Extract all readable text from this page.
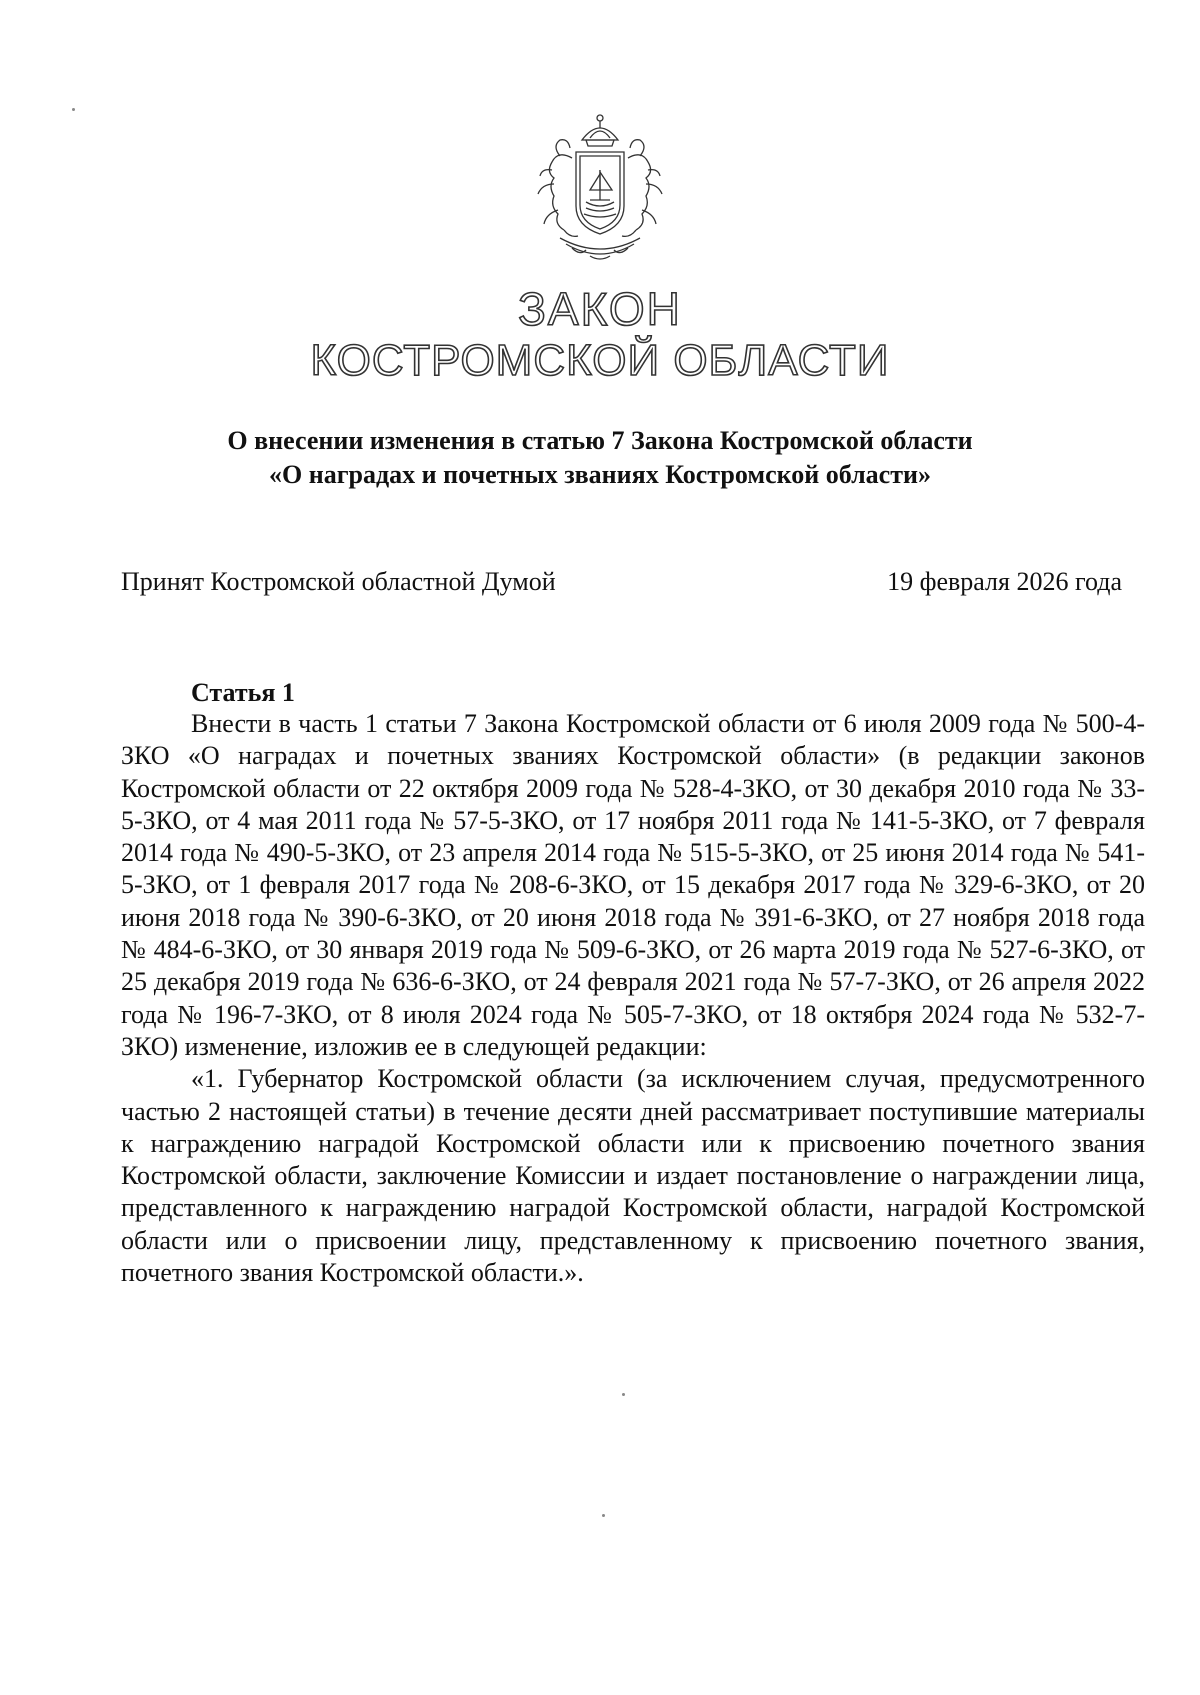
ЗАКОН
КОСТРОМСКОЙ ОБЛАСТИ
О внесении изменения в статью 7 Закона Костромской области
«О наградах и почетных званиях Костромской области»
Принят Костромской областной Думой	19 февраля 2026 года
Статья 1

Внести в часть 1 статьи 7 Закона Костромской области от 6 июля 2009 года № 500-4-ЗКО «О наградах и почетных званиях Костромской области» (в редакции законов Костромской области от 22 октября 2009 года № 528-4-ЗКО, от 30 декабря 2010 года № 33-5-ЗКО, от 4 мая 2011 года № 57-5-ЗКО, от 17 ноября 2011 года № 141-5-ЗКО, от 7 февраля 2014 года № 490-5-ЗКО, от 23 апреля 2014 года № 515-5-ЗКО, от 25 июня 2014 года № 541-5-ЗКО, от 1 февраля 2017 года № 208-6-ЗКО, от 15 декабря 2017 года № 329-6-ЗКО, от 20 июня 2018 года № 390-6-ЗКО, от 20 июня 2018 года № 391-6-ЗКО, от 27 ноября 2018 года № 484-6-ЗКО, от 30 января 2019 года № 509-6-ЗКО, от 26 марта 2019 года № 527-6-ЗКО, от 25 декабря 2019 года № 636-6-ЗКО, от 24 февраля 2021 года № 57-7-ЗКО, от 26 апреля 2022 года № 196-7-ЗКО, от 8 июля 2024 года № 505-7-ЗКО, от 18 октября 2024 года № 532-7-ЗКО) изменение, изложив ее в следующей редакции:

«1. Губернатор Костромской области (за исключением случая, предусмотренного частью 2 настоящей статьи) в течение десяти дней рассматривает поступившие материалы к награждению наградой Костромской области или к присвоению почетного звания Костромской области, заключение Комиссии и издает постановление о награждении лица, представленного к награждению наградой Костромской области, наградой Костромской области или о присвоении лицу, представленному к присвоению почетного звания, почетного звания Костромской области.».
